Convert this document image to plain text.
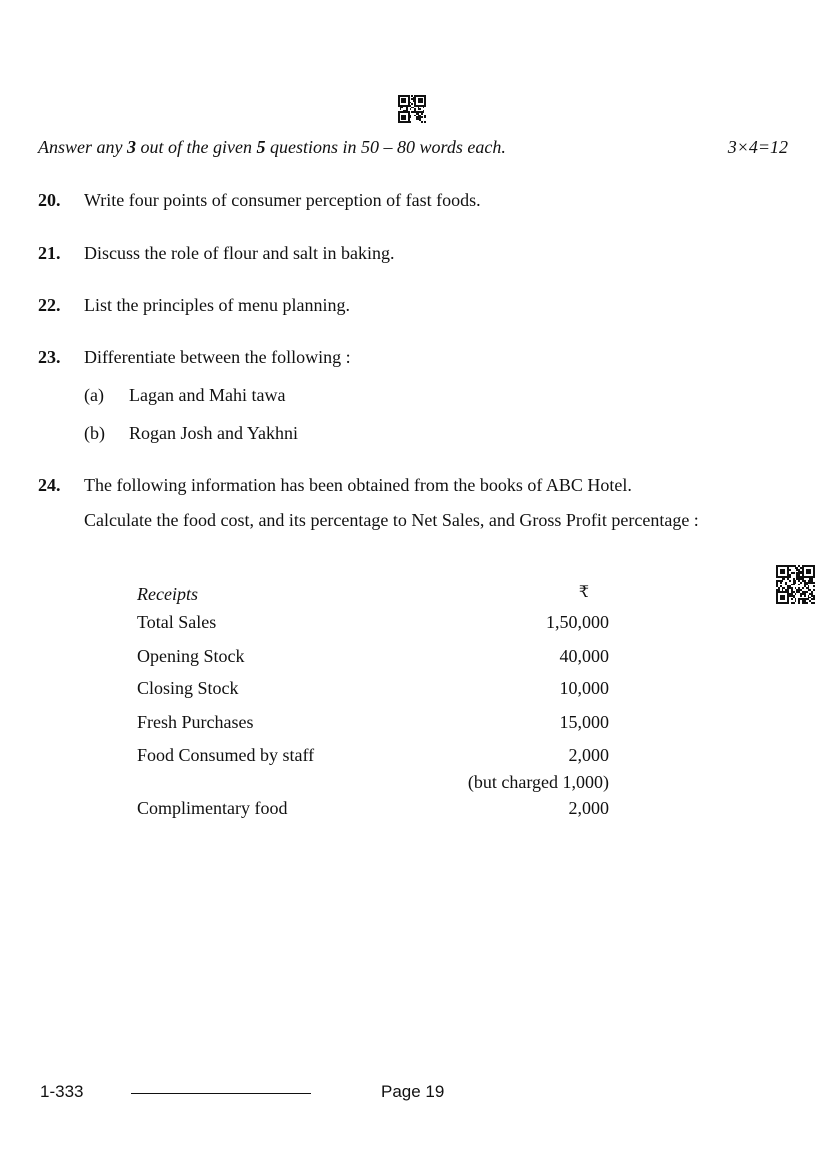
Answer any 3 out of the given 5 questions in 50 – 80 words each.	3×4=12
20. Write four points of consumer perception of fast foods.
21. Discuss the role of flour and salt in baking.
22. List the principles of menu planning.
23. Differentiate between the following :
(a) Lagan and Mahi tawa
(b) Rogan Josh and Yakhni
24. The following information has been obtained from the books of ABC Hotel.
Calculate the food cost, and its percentage to Net Sales, and Gross Profit percentage :
Receipts	₹
Total Sales	1,50,000
Opening Stock	40,000
Closing Stock	10,000
Fresh Purchases	15,000
Food Consumed by staff	2,000
(but charged 1,000)
Complimentary food	2,000
1-333	Page 19
